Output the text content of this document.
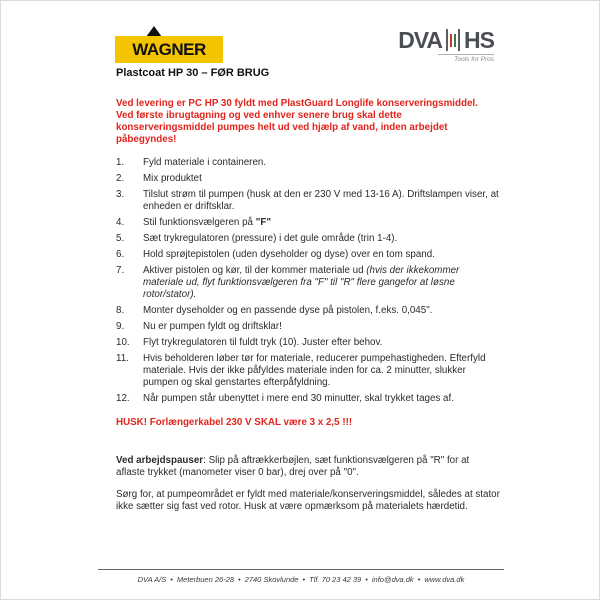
WAGNER	DVA HS
Tools for Pros
Plastcoat HP 30 – FØR BRUG

Ved levering er PC HP 30 fyldt med PlastGuard Longlife konserveringsmiddel. Ved første ibrugtagning og ved enhver senere brug skal dette konserveringsmiddel pumpes helt ud ved hjælp af vand, inden arbejdet påbegyndes!

1.	Fyld materiale i containeren.
2.	Mix produktet
3.	Tilslut strøm til pumpen (husk at den er 230 V med 13-16 A). Driftslampen viser, at enheden er driftsklar.
4.	Stil funktionsvælgeren på "F"
5.	Sæt trykregulatoren (pressure) i det gule område (trin 1-4).
6.	Hold sprøjtepistolen (uden dyseholder og dyse) over en tom spand.
7.	Aktiver pistolen og kør, til der kommer materiale ud (hvis der ikkekommer materiale ud, flyt funktionsvælgeren fra "F" til "R" flere gangefor at løsne rotor/stator).
8.	Monter dyseholder og en passende dyse på pistolen, f.eks. 0,045".
9.	Nu er pumpen fyldt og driftsklar!
10.	Flyt trykregulatoren til fuldt tryk (10). Juster efter behov.
11.	Hvis beholderen løber tør for materiale, reducerer pumpehastigheden. Efterfyld materiale. Hvis der ikke påfyldes materiale inden for ca. 2 minutter, slukker pumpen og skal genstartes efterpåfyldning.
12.	Når pumpen står ubenyttet i mere end 30 minutter, skal trykket tages af.

HUSK! Forlængerkabel 230 V SKAL være 3 x 2,5 !!!

Ved arbejdspauser: Slip på aftrækkerbøjlen, sæt funktionsvælgeren på "R" for at aflaste trykket (manometer viser 0 bar), drej over på "0".

Sørg for, at pumpeområdet er fyldt med materiale/konserveringsmiddel, således at stator ikke sætter sig fast ved rotor. Husk at være opmærksom på materialets hærdetid.

DVA A/S • Meterbuen 26-28 • 2740 Skovlunde • Tlf. 70 23 42 39 • info@dva.dk • www.dva.dk
